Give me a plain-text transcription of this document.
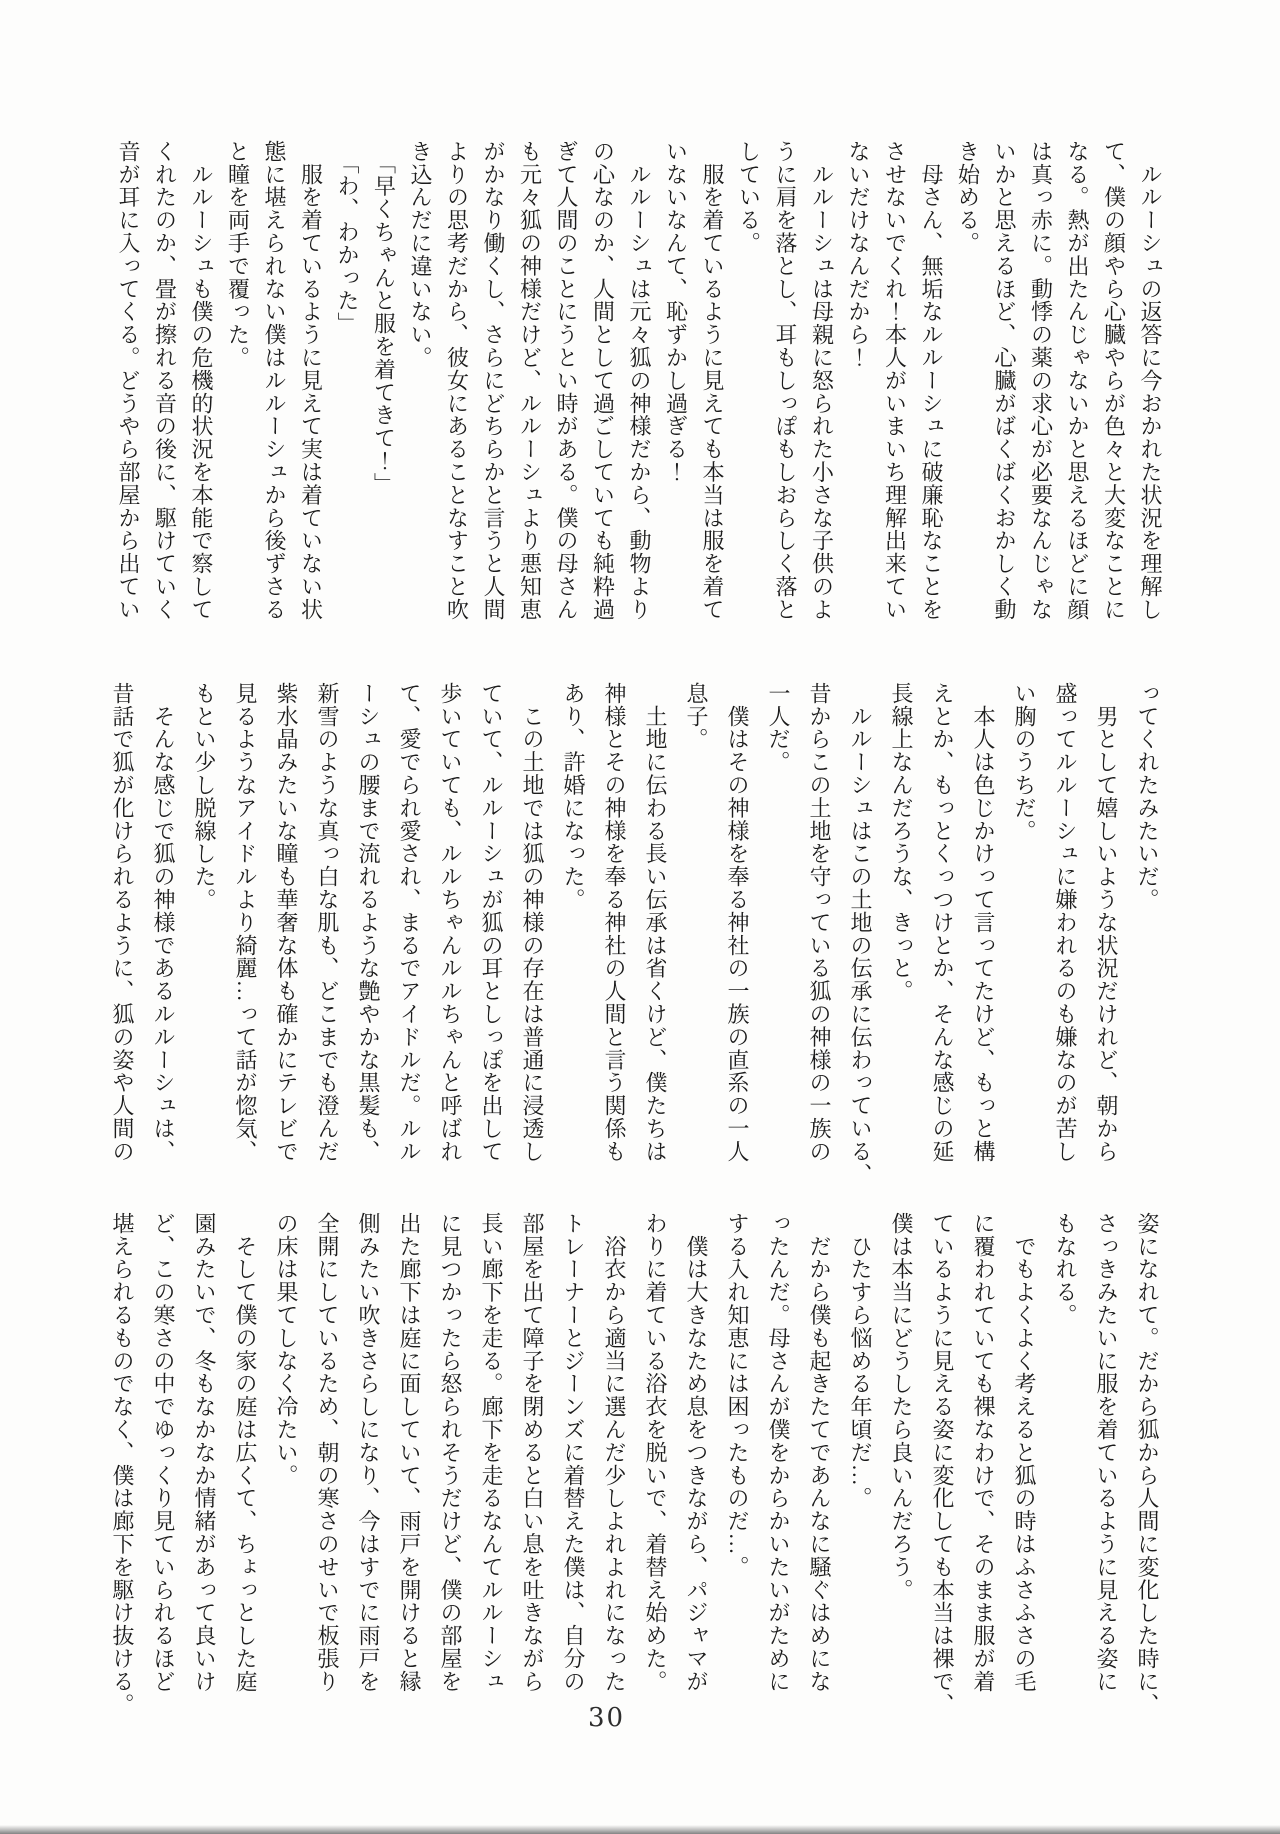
　ルルーシュの返答に今おかれた状況を理解し
て、僕の顔やら心臓やらが色々と大変なことに
なる。熱が出たんじゃないかと思えるほどに顔
は真っ赤に。動悸の薬の求心が必要なんじゃな
いかと思えるほど、心臓がばくばくおかしく動
き始める。
　母さん、無垢なルルーシュに破廉恥なことを
させないでくれ！本人がいまいち理解出来てい
ないだけなんだから！
　ルルーシュは母親に怒られた小さな子供のよ
うに肩を落とし、耳もしっぽもしおらしく落と
している。
　服を着ているように見えても本当は服を着て
いないなんて、恥ずかし過ぎる！
　ルルーシュは元々狐の神様だから、動物より
の心なのか、人間として過ごしていても純粋過
ぎて人間のことにうとい時がある。僕の母さん
も元々狐の神様だけど、ルルーシュより悪知恵
がかなり働くし、さらにどちらかと言うと人間
よりの思考だから、彼女にあることなすこと吹
き込んだに違いない。
　「早くちゃんと服を着てきて！」
　「わ、わかった」
　服を着ているように見えて実は着ていない状
態に堪えられない僕はルルーシュから後ずさる
と瞳を両手で覆った。
　ルルーシュも僕の危機的状況を本能で察して
くれたのか、畳が擦れる音の後に、駆けていく
音が耳に入ってくる。どうやら部屋から出てい
ってくれたみたいだ。
　男として嬉しいような状況だけれど、朝から
盛ってルルーシュに嫌われるのも嫌なのが苦し
い胸のうちだ。
　本人は色じかけって言ってたけど、もっと構
えとか、もっとくっつけとか、そんな感じの延
長線上なんだろうな、きっと。
　ルルーシュはこの土地の伝承に伝わっている、
昔からこの土地を守っている狐の神様の一族の
一人だ。
　僕はその神様を奉る神社の一族の直系の一人
息子。
　土地に伝わる長い伝承は省くけど、僕たちは
神様とその神様を奉る神社の人間と言う関係も
あり、許婚になった。
　この土地では狐の神様の存在は普通に浸透し
ていて、ルルーシュが狐の耳としっぽを出して
歩いていても、ルルちゃんルルちゃんと呼ばれ
て、愛でられ愛され、まるでアイドルだ。ルル
ーシュの腰まで流れるような艶やかな黒髪も、
新雪のような真っ白な肌も、どこまでも澄んだ
紫水晶みたいな瞳も華奢な体も確かにテレビで
見るようなアイドルより綺麗…って話が惚気、
もとい少し脱線した。
　そんな感じで狐の神様であるルルーシュは、
昔話で狐が化けられるように、狐の姿や人間の
姿になれて。だから狐から人間に変化した時に、
さっきみたいに服を着ているように見える姿に
もなれる。
　でもよくよく考えると狐の時はふさふさの毛
に覆われていても裸なわけで、そのまま服が着
ているように見える姿に変化しても本当は裸で、
僕は本当にどうしたら良いんだろう。
　ひたすら悩める年頃だ…。
　だから僕も起きたてであんなに騒ぐはめにな
ったんだ。母さんが僕をからかいたいがために
する入れ知恵には困ったものだ…。
　僕は大きなため息をつきながら、パジャマが
わりに着ている浴衣を脱いで、着替え始めた。
　浴衣から適当に選んだ少しよれよれになった
トレーナーとジーンズに着替えた僕は、自分の
部屋を出て障子を閉めると白い息を吐きながら
長い廊下を走る。廊下を走るなんてルルーシュ
に見つかったら怒られそうだけど、僕の部屋を
出た廊下は庭に面していて、雨戸を開けると縁
側みたい吹きさらしになり、今はすでに雨戸を
全開にしているため、朝の寒さのせいで板張り
の床は果てしなく冷たい。
　そして僕の家の庭は広くて、ちょっとした庭
園みたいで、冬もなかなか情緒があって良いけ
ど、この寒さの中でゆっくり見ていられるほど
堪えられるものでなく、僕は廊下を駆け抜ける。
30
